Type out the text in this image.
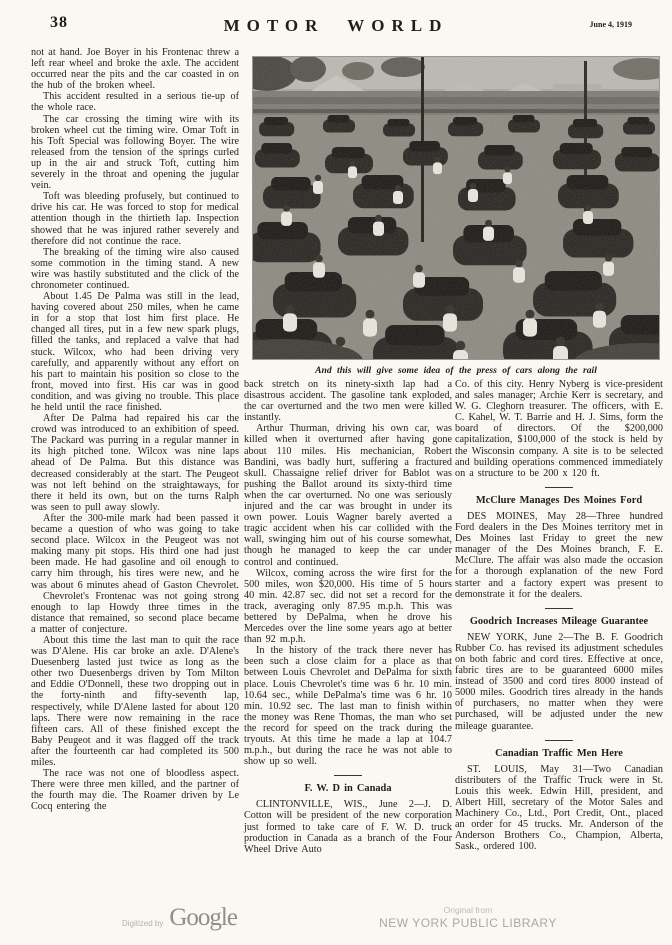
38	MOTOR WORLD	June 4, 1919

not at hand. Joe Boyer in his Frontenac threw a left rear wheel and broke the axle. The accident occurred near the pits and the car coasted in on the hub of the broken wheel.

This accident resulted in a serious tie-up of the whole race.

The car crossing the timing wire with its broken wheel cut the timing wire. Omar Toft in his Toft Special was following Boyer. The wire released from the tension of the springs curled up in the air and struck Toft, cutting him severely in the throat and opening the jugular vein.

Toft was bleeding profusely, but continued to drive his car. He was forced to stop for medical attention though in the thirtieth lap. Inspection showed that he was injured rather severely and therefore did not continue the race.

The breaking of the timing wire also caused some commotion in the timing stand. A new wire was hastily substituted and the click of the chronometer continued.

About 1.45 De Palma was still in the lead, having covered about 250 miles, when he came in for a stop that lost him first place. He changed all tires, put in a few new spark plugs, filled the tanks, and replaced a valve that had stuck. Wilcox, who had been driving very carefully, and apparently without any effort on his part to maintain his position so close to the front, moved into first. His car was in good condition, and was giving no trouble. This place he held until the race finished.

After De Palma had repaired his car the crowd was introduced to an exhibition of speed. The Packard was purring in a regular manner in its high pitched tone. Wilcox was nine laps ahead of De Palma. But this distance was decreased considerably at the start. The Peugeot was not left behind on the straightaways, for there it held its own, but on the turns Ralph was seen to pull away slowly.

After the 300-mile mark had been passed it became a question of who was going to take second place. Wilcox in the Peugeot was not making many pit stops. His third one had just been made. He had gasoline and oil enough to carry him through, his tires were new, and he was about 6 minutes ahead of Gaston Chevrolet.

Chevrolet's Frontenac was not going strong enough to lap Howdy three times in the distance that remained, so second place became a matter of conjecture.

About this time the last man to quit the race was D'Alene. His car broke an axle. D'Alene's Duesenberg lasted just twice as long as the other two Duesenbergs driven by Tom Milton and Eddie O'Donnell, these two dropping out in the forty-ninth and fifty-seventh lap, respectively, while D'Alene lasted for about 120 laps. There were now remaining in the race fifteen cars. All of these finished except the Baby Peugeot and it was flagged off the track after the fourteenth car had completed its 500 miles.

The race was not one of bloodless aspect. There were three men killed, and the partner of the fourth may die. The Roamer driven by Le Cocq entering the

And this will give some idea of the press of cars along the rail

back stretch on its ninety-sixth lap had a disastrous accident. The gasoline tank exploded, the car overturned and the two men were killed instantly.

Arthur Thurman, driving his own car, was killed when it overturned after having gone about 110 miles. His mechanician, Robert Bandini, was badly hurt, suffering a fractured skull. Chassaigne relief driver for Bablot was pushing the Ballot around its sixty-third time when the car overturned. No one was seriously injured and the car was brought in under its own power. Louis Wagner barely averted a tragic accident when his car collided with the wall, swinging him out of his course somewhat, though he managed to keep the car under control and continued.

Wilcox, coming across the wire first for the 500 miles, won $20,000. His time of 5 hours 40 min. 42.87 sec. did not set a record for the track, averaging only 87.95 m.p.h. This was bettered by DePalma, when he drove his Mercedes over the line some years ago at better than 92 m.p.h.

In the history of the track there never has been such a close claim for a place as that between Louis Chevrolet and DePalma for sixth place. Louis Chevrolet's time was 6 hr. 10 min. 10.64 sec., while DePalma's time was 6 hr. 10 min. 10.92 sec. The last man to finish within the money was Rene Thomas, the man who set the record for speed on the track during the tryouts. At this time he made a lap at 104.7 m.p.h., but during the race he was not able to show up so well.

F. W. D in Canada

CLINTONVILLE, WIS., June 2—J. D. Cotton will be president of the new corporation just formed to take care of F. W. D. truck production in Canada as a branch of the Four Wheel Drive Auto

Co. of this city. Henry Nyberg is vice-president and sales manager; Archie Kerr is secretary, and W. G. Cleghorn treasurer. The officers, with E. C. Kahel, W. T. Barrie and H. J. Sims, form the board of directors. Of the $200,000 capitalization, $100,000 of the stock is held by the Wisconsin company. A site is to be selected and building operations commenced immediately on a structure to be 200 x 120 ft.

McClure Manages Des Moines Ford

DES MOINES, May 28—Three hundred Ford dealers in the Des Moines territory met in Des Moines last Friday to greet the new manager of the Des Moines branch, F. E. McClure. The affair was also made the occasion for a thorough explanation of the new Ford starter and a factory expert was present to demonstrate it for the dealers.

Goodrich Increases Mileage Guarantee

NEW YORK, June 2—The B. F. Goodrich Rubber Co. has revised its adjustment schedules on both fabric and cord tires. Effective at once, fabric tires are to be guaranteed 6000 miles instead of 3500 and cord tires 8000 instead of 5000 miles. Goodrich tires already in the hands of purchasers, no matter when they were purchased, will be adjusted under the new mileage guarantee.

Canadian Traffic Men Here

ST. LOUIS, May 31—Two Canadian distributers of the Traffic Truck were in St. Louis this week. Edwin Hill, president, and Albert Hill, secretary of the Motor Sales and Machinery Co., Ltd., Port Credit, Ont., placed an order for 45 trucks. Mr. Anderson of the Anderson Brothers Co., Champion, Alberta, Sask., ordered 100.

Digitized by Google	Original from
NEW YORK PUBLIC LIBRARY
